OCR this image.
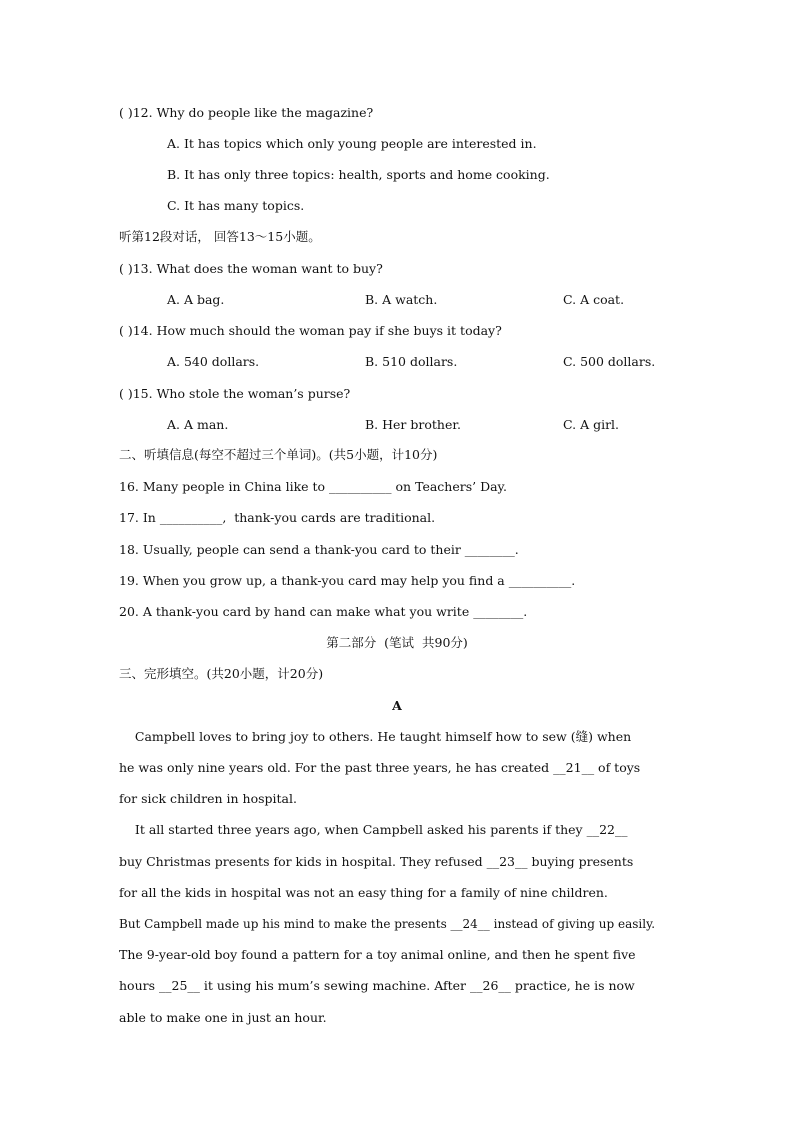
( )12. Why do people like the magazine?
A. It has topics which only young people are interested in.
B. It has only three topics: health, sports and home cooking.
C. It has many topics.
听第12段对话， 回答13～15小题。
( )13. What does the woman want to buy?
A. A bag.	B. A watch.	C. A coat.
( )14. How much should the woman pay if she buys it today?
A. 540 dollars.	B. 510 dollars.	C. 500 dollars.
( )15. Who stole the woman’s purse?
A. A man.	B. Her brother.	C. A girl.
二、听填信息(每空不超过三个单词)。(共5小题，计10分)
16. Many people in China like to __________ on Teachers’ Day.
17. In __________,  thank-you cards are traditional.
18. Usually, people can send a thank-you card to their ________.
19. When you grow up, a thank-you card may help you find a __________.
20. A thank-you card by hand can make what you write ________.
第二部分  (笔试  共90分)
三、完形填空。(共20小题，计20分)
A
Campbell loves to bring joy to others. He taught himself how to sew (缝) when
he was only nine years old. For the past three years, he has created __21__ of toys
for sick children in hospital.
It all started three years ago, when Campbell asked his parents if they __22__
buy Christmas presents for kids in hospital. They refused __23__ buying presents
for all the kids in hospital was not an easy thing for a family of nine children.
But Campbell made up his mind to make the presents __24__ instead of giving up easily.
The 9-year-old boy found a pattern for a toy animal online, and then he spent five
hours __25__ it using his mum’s sewing machine. After __26__ practice, he is now
able to make one in just an hour.
